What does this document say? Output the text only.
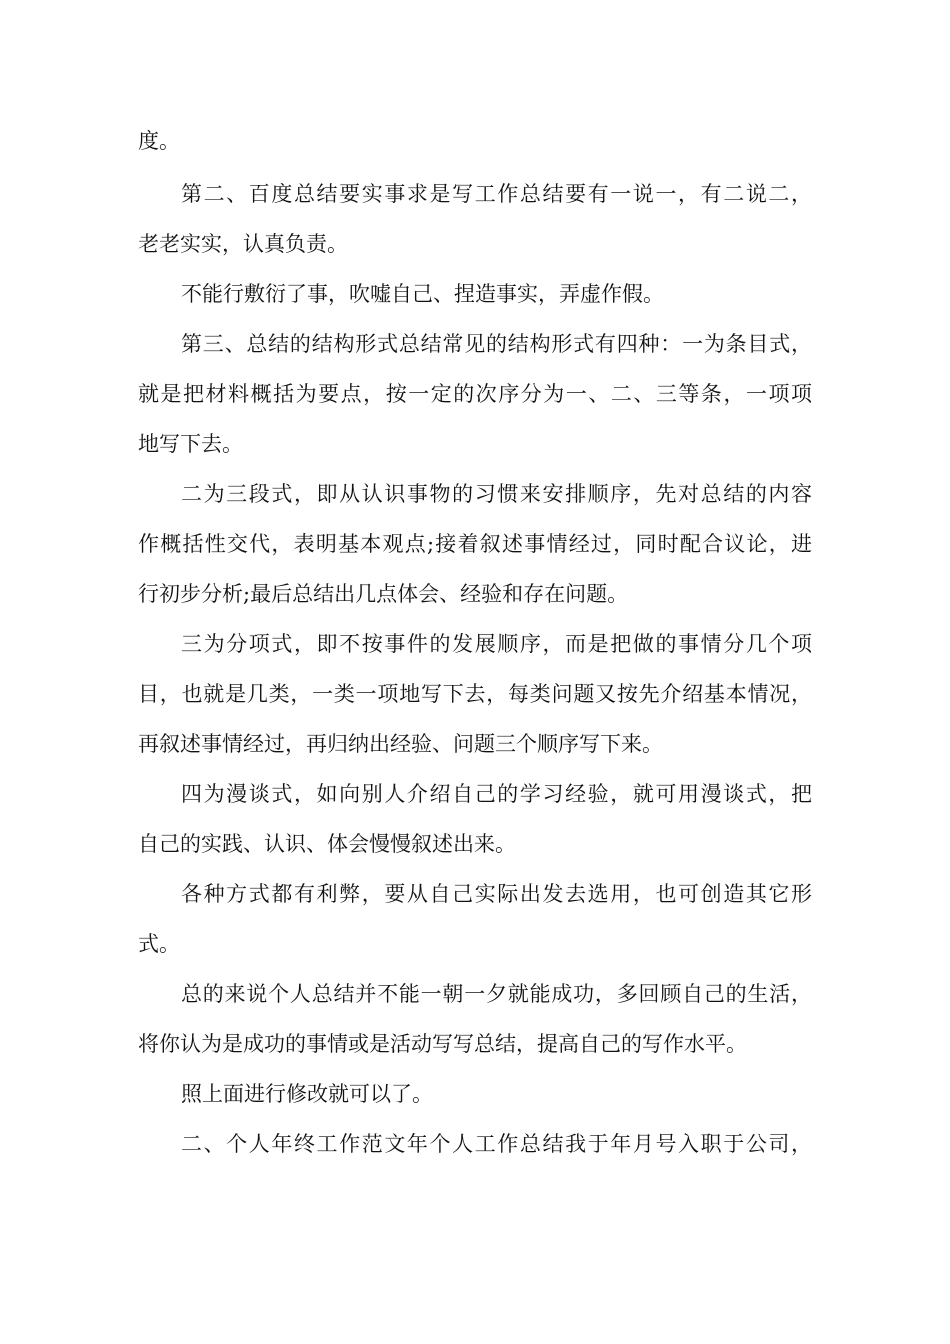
度。
第二、百度总结要实事求是写工作总结要有一说一，有二说二，
老老实实，认真负责。
不能行敷衍了事，吹嘘自己、捏造事实，弄虚作假。
第三、总结的结构形式总结常见的结构形式有四种：一为条目式，
就是把材料概括为要点，按一定的次序分为一、二、三等条，一项项
地写下去。
二为三段式，即从认识事物的习惯来安排顺序，先对总结的内容
作概括性交代，表明基本观点;接着叙述事情经过，同时配合议论，进
行初步分析;最后总结出几点体会、经验和存在问题。
三为分项式，即不按事件的发展顺序，而是把做的事情分几个项
目，也就是几类，一类一项地写下去，每类问题又按先介绍基本情况，
再叙述事情经过，再归纳出经验、问题三个顺序写下来。
四为漫谈式，如向别人介绍自己的学习经验，就可用漫谈式，把
自己的实践、认识、体会慢慢叙述出来。
各种方式都有利弊，要从自己实际出发去选用，也可创造其它形
式。
总的来说个人总结并不能一朝一夕就能成功，多回顾自己的生活，
将你认为是成功的事情或是活动写写总结，提高自己的写作水平。
照上面进行修改就可以了。
二、个人年终工作范文年个人工作总结我于年月号入职于公司，
